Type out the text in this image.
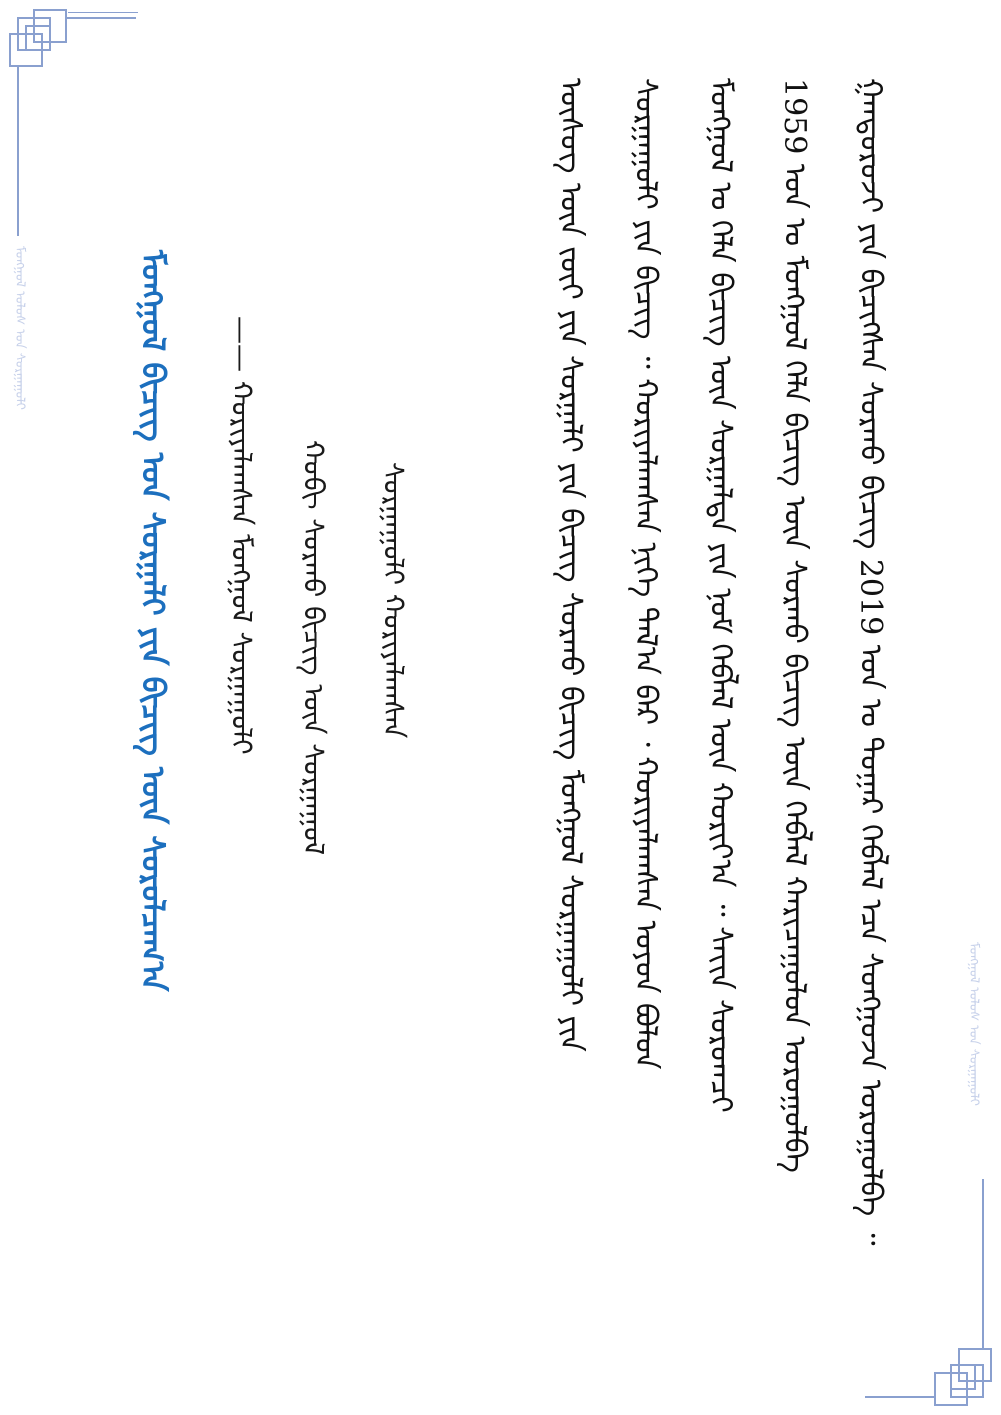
ᠮᠣᠩᠭᠣᠯ ᠤᠯᠤᠰ ᠤᠨ ᠰᠤᠷᠭᠠᠭᠤᠯᠢ
ᠮᠣᠩᠭᠣᠯ ᠤᠯᠤᠰ ᠤᠨ ᠰᠤᠷᠭᠠᠭᠤᠯᠢ
ᠭᠠᠨᠳᠣᠷᠣᠵᠢ ᠶᠢᠨ ᠪᠢᠴᠢᠭᠰᠡᠨ ᠰᠤᠷᠬᠤ ᠪᠢᠴᠢᠭ 2019 ᠣᠨ ᠤ ᠳᠤᠭᠠᠷ ᠬᠡᠪᠯᠡᠯ ᠡᠴᠡ ᠰᠣᠩᠭᠣᠵᠠ ᠣᠷᠣᠭᠤᠯᠪᠠ ᠃
1959 ᠣᠨ ᠤ ᠮᠣᠩᠭᠣᠯ ᠬᠡᠯᠡ ᠪᠢᠴᠢᠭ ᠦᠨ ᠰᠤᠷᠬᠤ ᠪᠢᠴᠢᠭ ᠦᠨ ᠬᠡᠪᠯᠡᠯ ᠬᠠᠷᠢᠴᠠᠭᠤᠯᠤᠨ ᠤᠷᠤᠭᠤᠯᠪᠠ
ᠮᠣᠩᠭᠣᠯ ᠤ ᠬᠡᠯᠡ ᠪᠢᠴᠢᠭ ᠦᠨ ᠰᠤᠷᠭᠠᠯᠲᠠ ᠶᠢᠨ ᠨᠤᠮ ᠬᠡᠪᠯᠡᠯ ᠦᠨ ᠬᠣᠷᠢᠶ᠎ᠠ ᠃ ᠰᠠᠶ᠋ᠢᠨ ᠰᠤᠷᠤᠭᠴᠢ
ᠰᠤᠷᠭᠠᠭᠤᠯᠢ ᠶᠢᠨ ᠪᠢᠴᠢᠭ ᠃ ᠬᠣᠷᠢᠶᠠᠯᠠᠭᠰᠠᠨ ᠨᠢᠭᠡ ᠲᠠᠯ᠎ᠠ ᠪᠠᠷ ᠂ ᠬᠣᠷᠢᠶᠠᠯᠠᠭᠰᠠᠨ ᠣᠶᠤᠨ ᠪᠣᠯᠣᠨ
ᠦᠰᠦᠭ ᠦᠨ ᠵᠦᠢ ᠶᠢᠨ ᠰᠤᠷᠭᠠᠯᠢ ᠶᠢᠨ ᠪᠢᠴᠢᠭ ᠰᠤᠷᠬᠤ ᠪᠢᠴᠢᠭ ᠮᠣᠩᠭᠣᠯ ᠰᠤᠷᠭᠠᠭᠤᠯᠢ ᠶᠢᠨ
—— ᠬᠣᠷᠢᠶᠠᠯᠠᠭᠰᠠᠨ ᠮᠣᠩᠭᠣᠯ ᠰᠤᠷᠭᠠᠭᠤᠯᠢ ᠬᠤᠪᠢ ᠰᠤᠷᠬᠤ ᠪᠢᠴᠢᠭ ᠦᠨ ᠰᠤᠷᠭᠠᠭᠤᠯ ᠰᠤᠷᠭᠠᠭᠤᠯᠢ ᠬᠣᠷᠢᠶᠠᠯᠠᠭᠰᠠᠨ
ᠮᠣᠩᠭᠣᠯ ᠪᠢᠴᠢᠭ ᠤᠨ ᠰᠤᠷᠭᠠᠯᠢ ᠶᠢᠨ ᠪᠢᠴᠢᠭ ᠦᠨ ᠰᠤᠷᠤᠯᠴᠠᠭ᠎ᠠ
